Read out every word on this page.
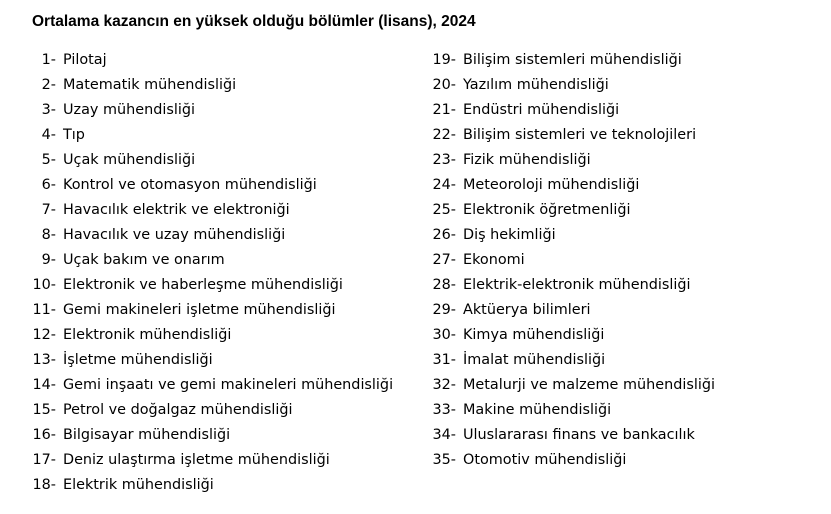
Ortalama kazancın en yüksek olduğu bölümler (lisans), 2024
1- Pilotaj
2- Matematik mühendisliği
3- Uzay mühendisliği
4- Tıp
5- Uçak mühendisliği
6- Kontrol ve otomasyon mühendisliği
7- Havacılık elektrik ve elektroniği
8- Havacılık ve uzay mühendisliği
9- Uçak bakım ve onarım
10- Elektronik ve haberleşme mühendisliği
11- Gemi makineleri işletme mühendisliği
12- Elektronik mühendisliği
13- İşletme mühendisliği
14- Gemi inşaatı ve gemi makineleri mühendisliği
15- Petrol ve doğalgaz mühendisliği
16- Bilgisayar mühendisliği
17- Deniz ulaştırma işletme mühendisliği
18- Elektrik mühendisliği
19- Bilişim sistemleri mühendisliği
20- Yazılım mühendisliği
21- Endüstri mühendisliği
22- Bilişim sistemleri ve teknolojileri
23- Fizik mühendisliği
24- Meteoroloji mühendisliği
25- Elektronik öğretmenliği
26- Diş hekimliği
27- Ekonomi
28- Elektrik-elektronik mühendisliği
29- Aktüerya bilimleri
30- Kimya mühendisliği
31- İmalat mühendisliği
32- Metalurji ve malzeme mühendisliği
33- Makine mühendisliği
34- Uluslararası finans ve bankacılık
35- Otomotiv mühendisliği
